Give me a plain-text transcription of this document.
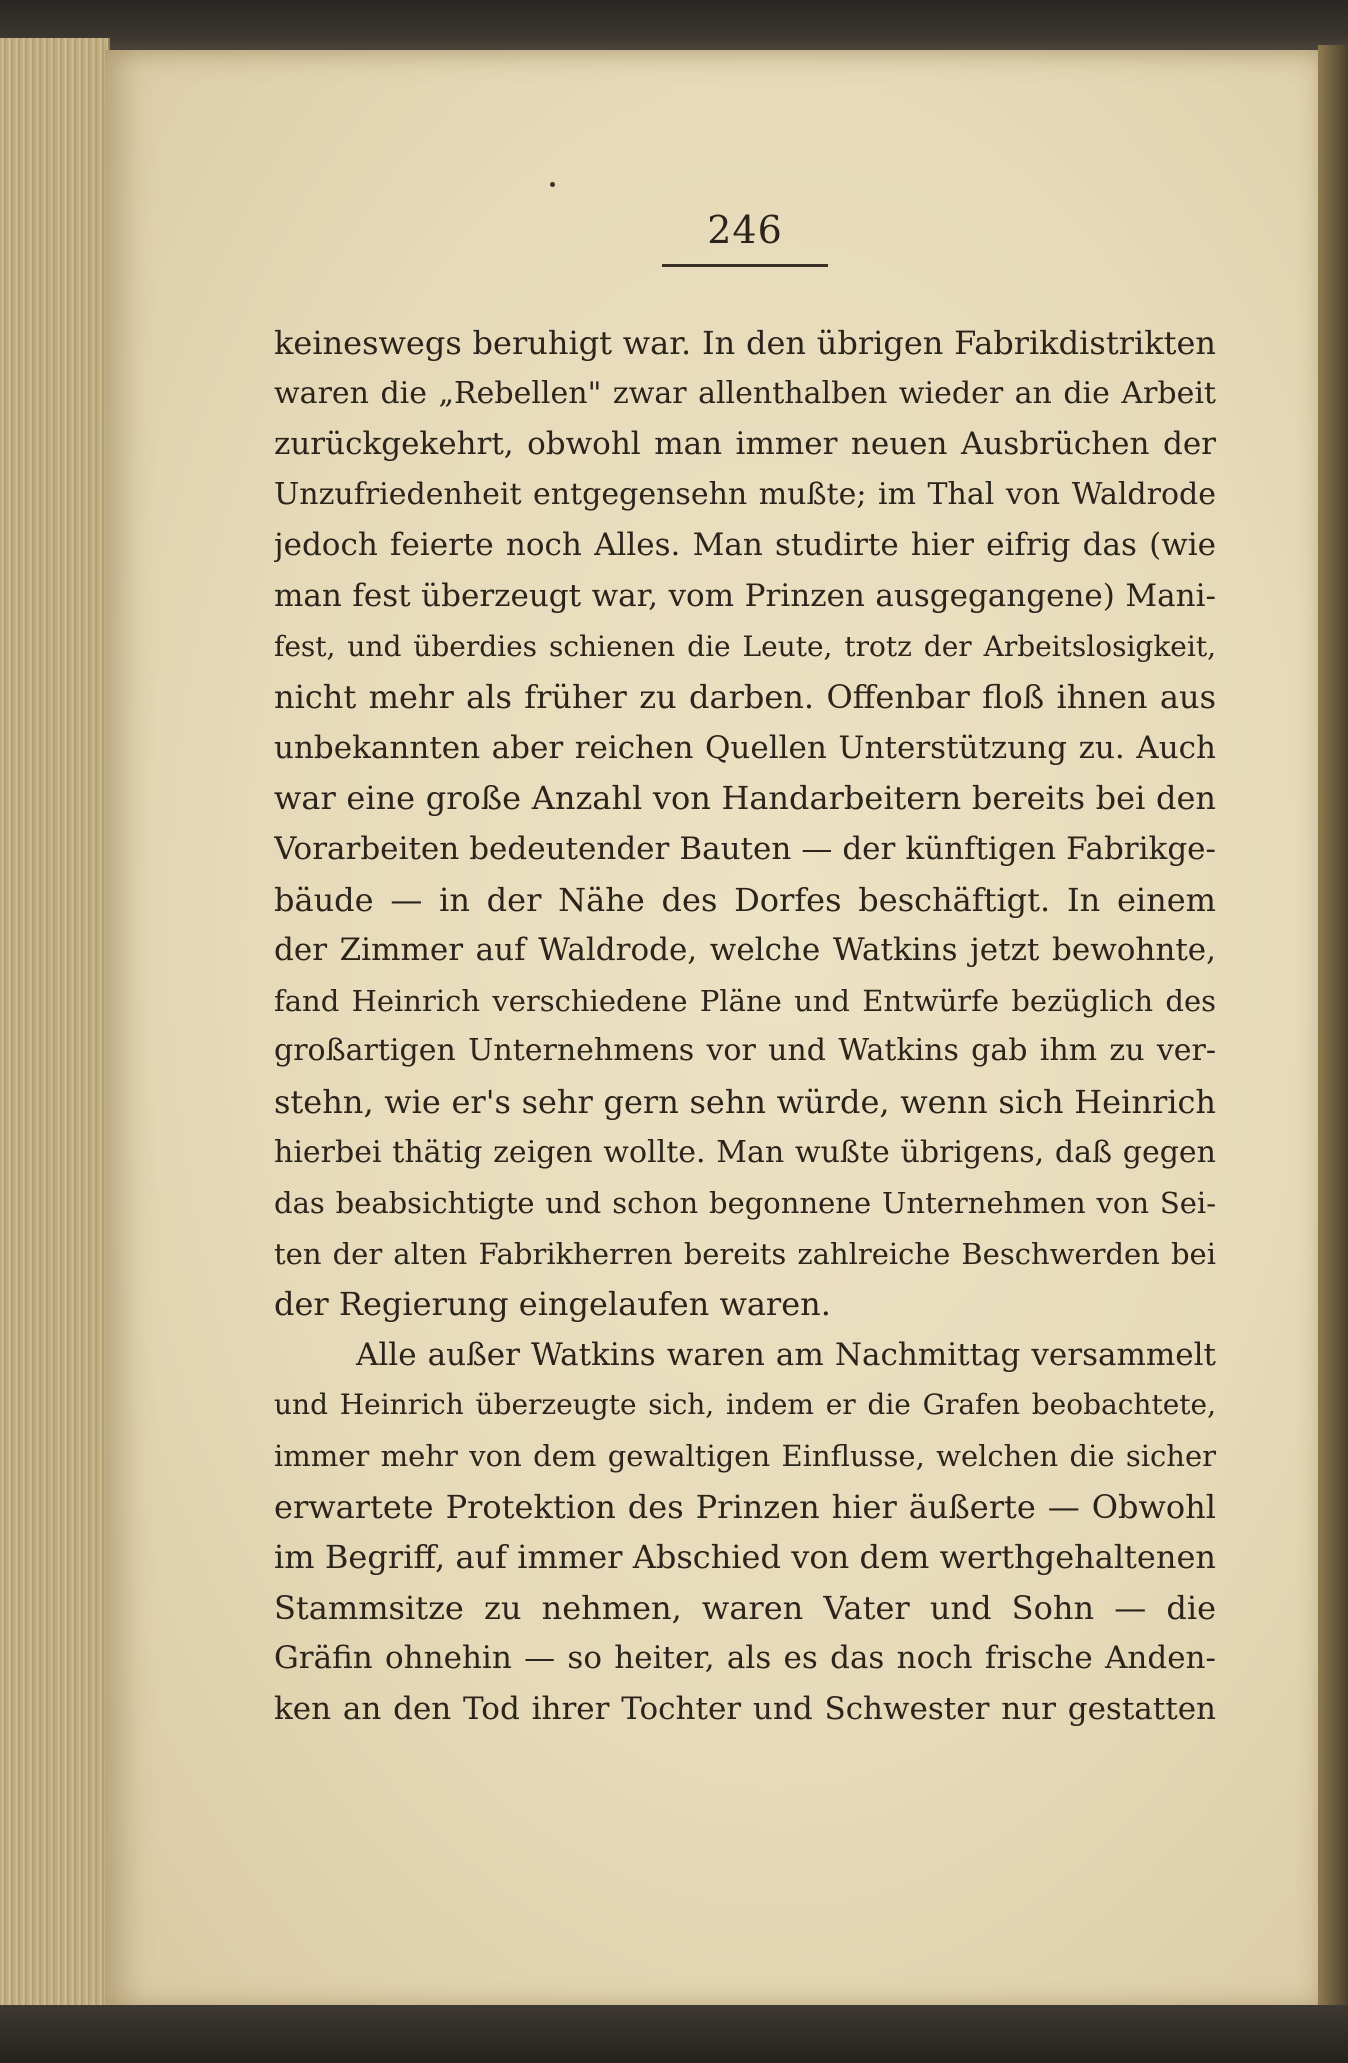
246
keineswegs beruhigt war. In den übrigen Fabrikdistrikten
waren die „Rebellen" zwar allenthalben wieder an die Arbeit
zurückgekehrt, obwohl man immer neuen Ausbrüchen der
Unzufriedenheit entgegensehn mußte; im Thal von Waldrode
jedoch feierte noch Alles. Man studirte hier eifrig das (wie
man fest überzeugt war, vom Prinzen ausgegangene) Mani-
fest, und überdies schienen die Leute, trotz der Arbeitslosigkeit,
nicht mehr als früher zu darben. Offenbar floß ihnen aus
unbekannten aber reichen Quellen Unterstützung zu. Auch
war eine große Anzahl von Handarbeitern bereits bei den
Vorarbeiten bedeutender Bauten — der künftigen Fabrikge-
bäude — in der Nähe des Dorfes beschäftigt. In einem
der Zimmer auf Waldrode, welche Watkins jetzt bewohnte,
fand Heinrich verschiedene Pläne und Entwürfe bezüglich des
großartigen Unternehmens vor und Watkins gab ihm zu ver-
stehn, wie er's sehr gern sehn würde, wenn sich Heinrich
hierbei thätig zeigen wollte. Man wußte übrigens, daß gegen
das beabsichtigte und schon begonnene Unternehmen von Sei-
ten der alten Fabrikherren bereits zahlreiche Beschwerden bei
der Regierung eingelaufen waren.
Alle außer Watkins waren am Nachmittag versammelt
und Heinrich überzeugte sich, indem er die Grafen beobachtete,
immer mehr von dem gewaltigen Einflusse, welchen die sicher
erwartete Protektion des Prinzen hier äußerte — Obwohl
im Begriff, auf immer Abschied von dem werthgehaltenen
Stammsitze zu nehmen, waren Vater und Sohn — die
Gräfin ohnehin — so heiter, als es das noch frische Anden-
ken an den Tod ihrer Tochter und Schwester nur gestatten
